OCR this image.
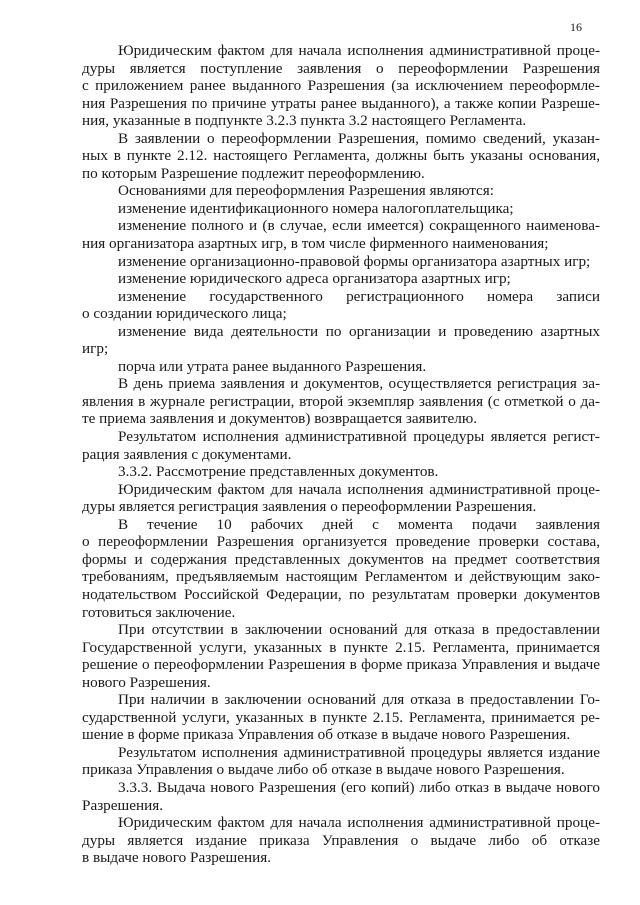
16
Юридическим фактом для начала исполнения административной проце-
дуры является поступление заявления о переоформлении Разрешения
с приложением ранее выданного Разрешения (за исключением переоформле-
ния Разрешения по причине утраты ранее выданного), а также копии Разреше-
ния, указанные в подпункте 3.2.3 пункта 3.2 настоящего Регламента.
В заявлении о переоформлении Разрешения, помимо сведений, указан-
ных в пункте 2.12. настоящего Регламента, должны быть указаны основания,
по которым Разрешение подлежит переоформлению.
Основаниями для переоформления Разрешения являются:
изменение идентификационного номера налогоплательщика;
изменение полного и (в случае, если имеется) сокращенного наименова-
ния организатора азартных игр, в том числе фирменного наименования;
изменение организационно-правовой формы организатора азартных игр;
изменение юридического адреса организатора азартных игр;
изменение государственного регистрационного номера записи
о создании юридического лица;
изменение вида деятельности по организации и проведению азартных
игр;
порча или утрата ранее выданного Разрешения.
В день приема заявления и документов, осуществляется регистрация за-
явления в журнале регистрации, второй экземпляр заявления (с отметкой о да-
те приема заявления и документов) возвращается заявителю.
Результатом исполнения административной процедуры является регист-
рация заявления с документами.
3.3.2. Рассмотрение представленных документов.
Юридическим фактом для начала исполнения административной проце-
дуры является регистрация заявления о переоформлении Разрешения.
В течение 10 рабочих дней с момента подачи заявления
о переоформлении Разрешения организуется проведение проверки состава,
формы и содержания представленных документов на предмет соответствия
требованиям, предъявляемым настоящим Регламентом и действующим зако-
нодательством Российской Федерации, по результатам проверки документов
готовиться заключение.
При отсутствии в заключении оснований для отказа в предоставлении
Государственной услуги, указанных в пункте 2.15. Регламента, принимается
решение о переоформлении Разрешения в форме приказа Управления и выдаче
нового Разрешения.
При наличии в заключении оснований для отказа в предоставлении Го-
сударственной услуги, указанных в пункте 2.15. Регламента, принимается ре-
шение в форме приказа Управления об отказе в выдаче нового Разрешения.
Результатом исполнения административной процедуры является издание
приказа Управления о выдаче либо об отказе в выдаче нового Разрешения.
3.3.3. Выдача нового Разрешения (его копий) либо отказ в выдаче нового
Разрешения.
Юридическим фактом для начала исполнения административной проце-
дуры является издание приказа Управления о выдаче либо об отказе
в выдаче нового Разрешения.
